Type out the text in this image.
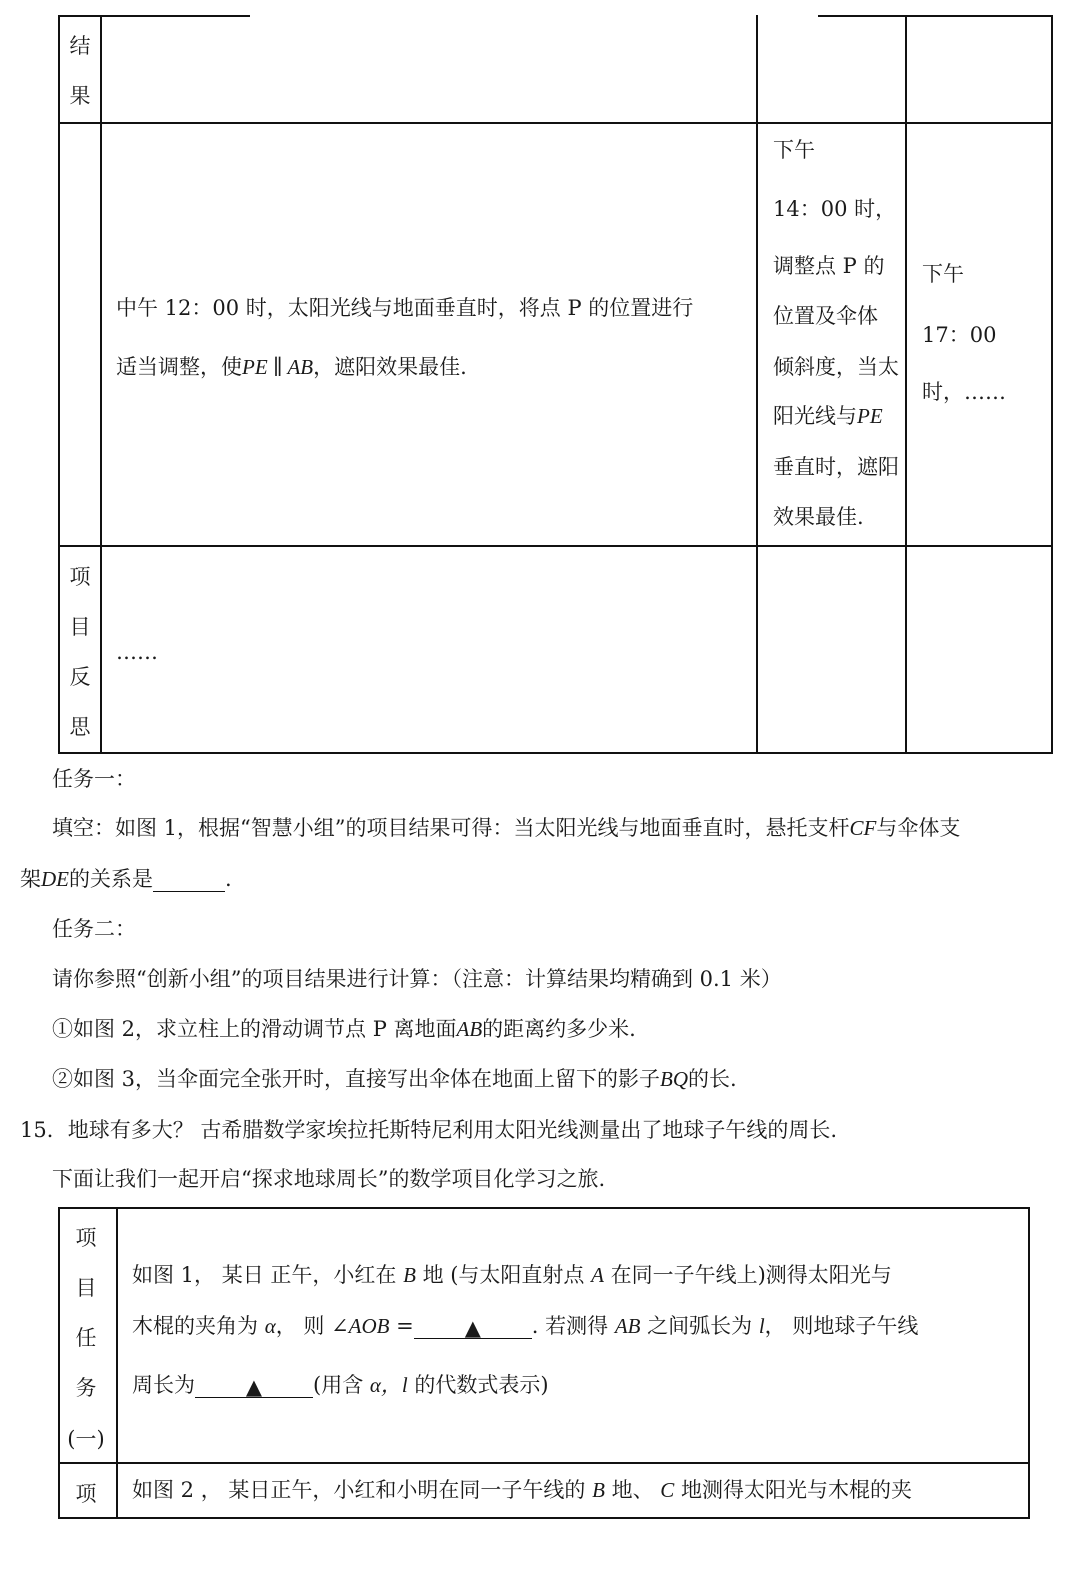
结
果
中午 12：00 时，太阳光线与地面垂直时，将点 P 的位置进行
适当调整，使PE ∥ AB，遮阳效果最佳.
下午
14：00 时，
调整点 P 的
位置及伞体
倾斜度，当太
阳光线与PE
垂直时，遮阳
效果最佳.
下午
17：00
时，……
项
目
反
思
……
任务一：
填空：如图 1，根据“智慧小组”的项目结果可得：当太阳光线与地面垂直时，悬托支杆CF与伞体支
架DE的关系是	.
任务二：
请你参照“创新小组”的项目结果进行计算：（注意：计算结果均精确到 0.1 米）
①如图 2，求立柱上的滑动调节点 P 离地面AB的距离约多少米.
②如图 3，当伞面完全张开时，直接写出伞体在地面上留下的影子BQ的长.
15．地球有多大？ 古希腊数学家埃拉托斯特尼利用太阳光线测量出了地球子午线的周长.
下面让我们一起开启“探求地球周长”的数学项目化学习之旅.
项
目
任
务
(一)
如图 1， 某日 正午，小红在 B 地 (与太阳直射点 A 在同一子午线上)测得太阳光与
木棍的夹角为 α， 则 ∠AOB = ▲ . 若测得 AB 之间弧长为 l， 则地球子午线
周长为 ▲ (用含 α，l 的代数式表示)
项	如图 2 ， 某日正午，小红和小明在同一子午线的 B 地、 C 地测得太阳光与木棍的夹
